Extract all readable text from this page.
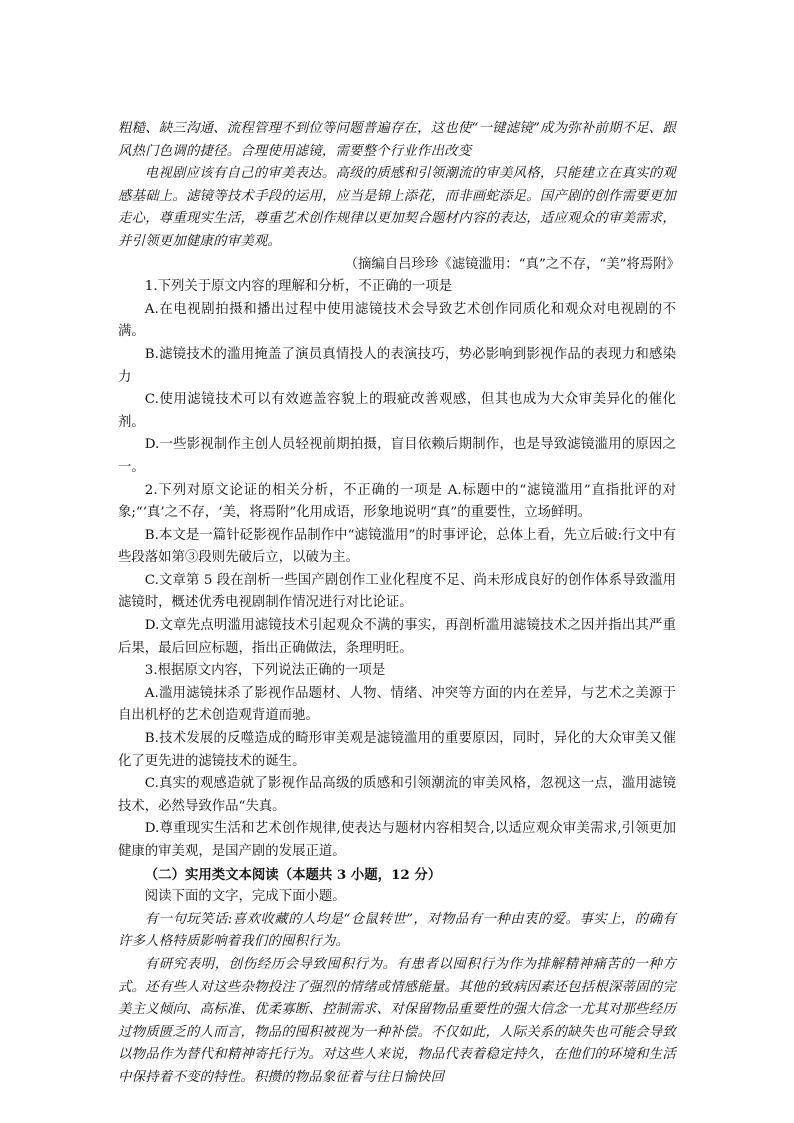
粗糙、缺三沟通、流程管理不到位等问题普遍存在，这也使“一键滤镜”成为弥补前期不足、跟风热门色调的捷径。合理使用滤镜，需要整个行业作出改变

电视剧应该有自己的审美表达。高级的质感和引领潮流的审美风格，只能建立在真实的观感基础上。滤镜等技术手段的运用，应当是锦上添花，而非画蛇添足。国产剧的创作需要更加走心，尊重现实生活，尊重艺术创作规律以更加契合题材内容的表达，适应观众的审美需求，并引领更加健康的审美观。

（摘编自吕珍珍《滤镜滥用：“真”之不存，“美”将焉附》

1.下列关于原文内容的理解和分析，不正确的一项是

A.在电视剧拍摄和播出过程中使用滤镜技术会导致艺术创作同质化和观众对电视剧的不满。

B.滤镜技术的滥用掩盖了演员真情投人的表演技巧，势必影响到影视作品的表现力和感染力

C.使用滤镜技术可以有效遮盖容貌上的瑕疵改善观感，但其也成为大众审美异化的催化剂。

D.一些影视制作主创人员轻视前期拍摄，盲目依赖后期制作，也是导致滤镜滥用的原因之一。

2.下列对原文论证的相关分析，不正确的一项是 A.标题中的“滤镜滥用”直指批评的对象;“‘真’之不存，‘美，将焉附”化用成语，形象地说明“真”的重要性，立场鲜明。

B.本文是一篇针砭影视作品制作中“滤镜滥用”的时事评论，总体上看，先立后破:行文中有些段落如第③段则先破后立，以破为主。

C.文章第 5 段在剖析一些国产剧创作工业化程度不足、尚未形成良好的创作体系导致滥用滤镜时，概述优秀电视剧制作情况进行对比论证。

D.文章先点明滥用滤镜技术引起观众不满的事实，再剖析滥用滤镜技术之因并指出其严重后果，最后回应标题，指出正确做法，条理明旺。

3.根据原文内容，下列说法正确的一项是

A.滥用滤镜抹杀了影视作品题材、人物、情绪、冲突等方面的内在差异，与艺术之美源于自出机杼的艺术创造观背道而驰。

B.技术发展的反噬造成的畸形审美观是滤镜滥用的重要原因，同时，异化的大众审美又催化了更先进的滤镜技术的诞生。

C.真实的观感造就了影视作品高级的质感和引领潮流的审美风格，忽视这一点，滥用滤镜技术，必然导致作品“失真。

D.尊重现实生活和艺术创作规律,使表达与题材内容相契合,以适应观众审美需求,引领更加健康的审美观，是国产剧的发展正道。

（二）实用类文本阅读（本题共 3 小题，12 分）

阅读下面的文字，完成下面小题。

有一句玩笑话:喜欢收藏的人均是“仓鼠转世”，对物品有一种由衷的爱。事实上，的确有许多人格特质影响着我们的囤积行为。

有研究表明，创伤经历会导致囤积行为。有患者以囤积行为作为排解精神痛苦的一种方式。还有些人对这些杂物投注了强烈的情绪或情感能量。其他的致病因素还包括根深蒂固的完美主义倾向、高标准、优柔寡断、控制需求、对保留物品重要性的强大信念一尤其对那些经历过物质匮乏的人而言，物品的囤积被视为一种补偿。不仅如此，人际关系的缺失也可能会导致以物品作为替代和精神寄托行为。对这些人来说，物品代表着稳定持久，在他们的环境和生活中保持着不变的特性。积攒的物品象征着与往日愉快回
